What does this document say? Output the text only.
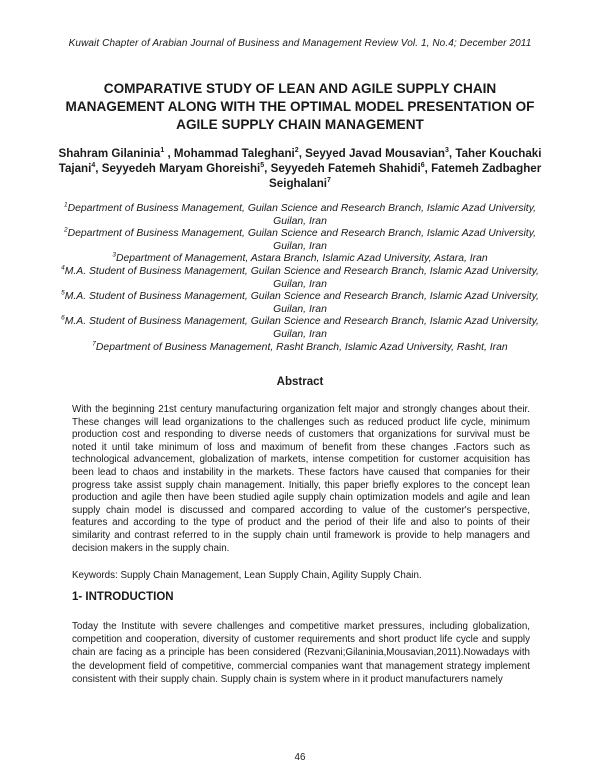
Kuwait Chapter of Arabian Journal of Business and Management Review Vol. 1, No.4; December 2011
COMPARATIVE STUDY OF LEAN AND AGILE SUPPLY CHAIN MANAGEMENT ALONG WITH THE OPTIMAL MODEL PRESENTATION OF AGILE SUPPLY CHAIN MANAGEMENT
Shahram Gilaninia$^1$ , Mohammad Taleghani$^2$, Seyyed Javad Mousavian$^3$, Taher Kouchaki Tajani$^4$, Seyyedeh Maryam Ghoreishi$^5$, Seyyedeh Fatemeh Shahidi$^6$, Fatemeh Zadbagher Seighalani$^7$
$^1$Department of Business Management, Guilan Science and Research Branch, Islamic Azad University, Guilan, Iran
$^2$Department of Business Management, Guilan Science and Research Branch, Islamic Azad University, Guilan, Iran
$^3$Department of Management, Astara Branch, Islamic Azad University, Astara, Iran
$^4$M.A. Student of Business Management, Guilan Science and Research Branch, Islamic Azad University, Guilan, Iran
$^5$M.A. Student of Business Management, Guilan Science and Research Branch, Islamic Azad University, Guilan, Iran
$^6$M.A. Student of Business Management, Guilan Science and Research Branch, Islamic Azad University, Guilan, Iran
$^7$Department of Business Management, Rasht Branch, Islamic Azad University, Rasht, Iran
Abstract
With the beginning 21st century manufacturing organization felt major and strongly changes about their. These changes will lead organizations to the challenges such as reduced product life cycle, minimum production cost and responding to diverse needs of customers that organizations for survival must be noted it until take minimum of loss and maximum of benefit from these changes .Factors such as technological advancement, globalization of markets, intense competition for customer acquisition has been lead to chaos and instability in the markets. These factors have caused that companies for their progress take assist supply chain management. Initially, this paper briefly explores to the concept lean production and agile then have been studied agile supply chain optimization models and agile and lean supply chain model is discussed and compared according to value of the customer's perspective, features and according to the type of product and the period of their life and also to points of their similarity and contrast referred to in the supply chain until framework is provide to help managers and decision makers in the supply chain.
Keywords: Supply Chain Management, Lean Supply Chain, Agility Supply Chain.
1- INTRODUCTION
Today the Institute with severe challenges and competitive market pressures, including globalization, competition and cooperation, diversity of customer requirements and short product life cycle and supply chain are facing as a principle has been considered (Rezvani;Gilaninia,Mousavian,2011).Nowadays with the development field of competitive, commercial companies want that management strategy implement consistent with their supply chain. Supply chain is system where in it product manufacturers namely
46
